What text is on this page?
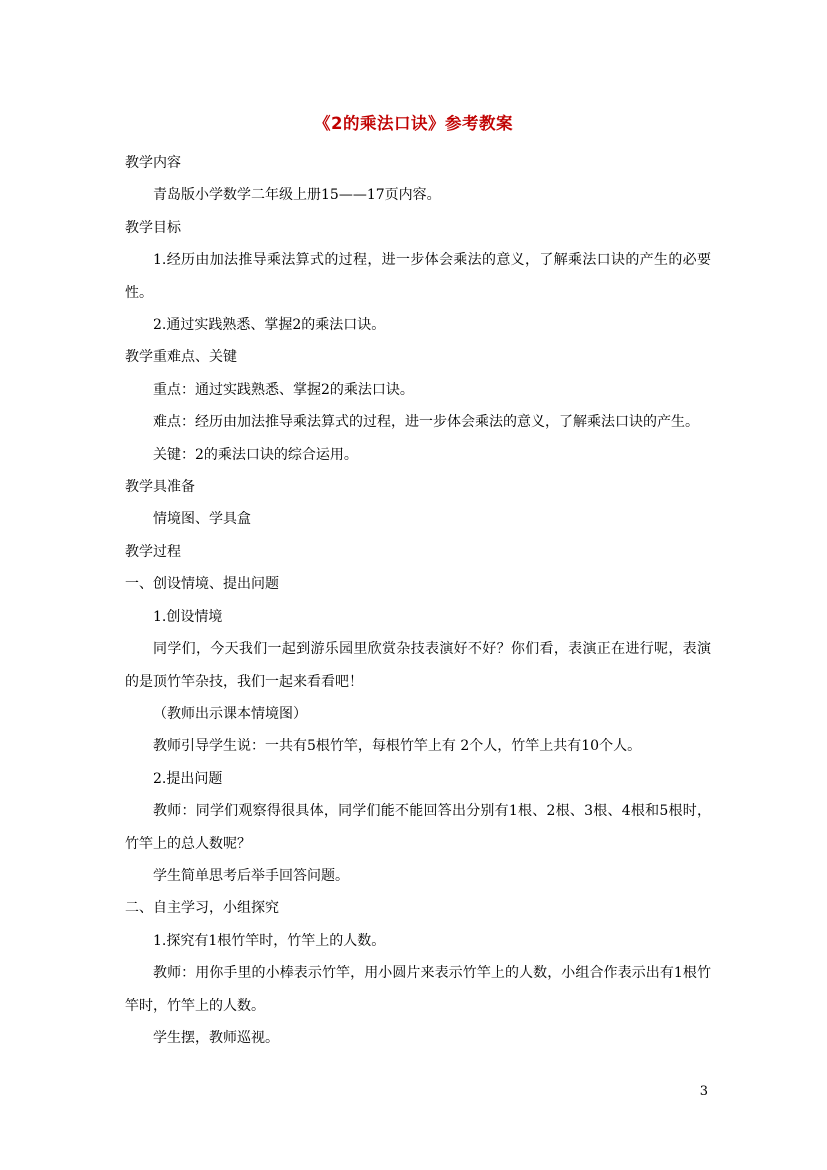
《2的乘法口诀》参考教案

教学内容

青岛版小学数学二年级上册15——17页内容。

教学目标

1.经历由加法推导乘法算式的过程，进一步体会乘法的意义，了解乘法口诀的产生的必要性。

2.通过实践熟悉、掌握2的乘法口诀。

教学重难点、关键

重点：通过实践熟悉、掌握2的乘法口诀。

难点：经历由加法推导乘法算式的过程，进一步体会乘法的意义，了解乘法口诀的产生。

关键：2的乘法口诀的综合运用。

教学具准备

情境图、学具盒

教学过程

一、创设情境、提出问题

1.创设情境

同学们，今天我们一起到游乐园里欣赏杂技表演好不好？你们看，表演正在进行呢，表演的是顶竹竿杂技，我们一起来看看吧！

（教师出示课本情境图）

教师引导学生说：一共有5根竹竿，每根竹竿上有 2个人，竹竿上共有10个人。

2.提出问题

教师：同学们观察得很具体，同学们能不能回答出分别有1根、2根、3根、4根和5根时，竹竿上的总人数呢？

学生简单思考后举手回答问题。

二、自主学习，小组探究

1.探究有1根竹竿时，竹竿上的人数。

教师：用你手里的小棒表示竹竿，用小圆片来表示竹竿上的人数，小组合作表示出有1根竹竿时，竹竿上的人数。

学生摆，教师巡视。

3
